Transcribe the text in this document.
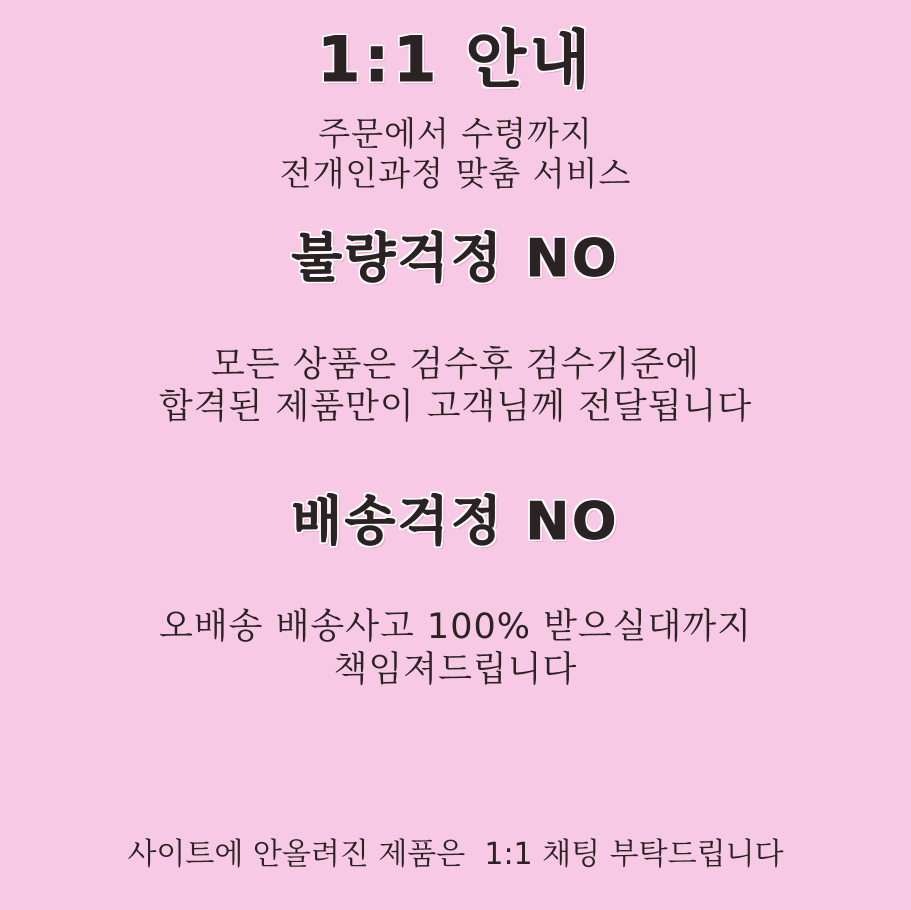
1:1 안내
주문에서 수령까지
전개인과정 맞춤 서비스
불량걱정 NO
모든 상품은 검수후 검수기준에
합격된 제품만이 고객님께 전달됩니다
배송걱정 NO
오배송 배송사고 100% 받으실대까지
책임져드립니다
사이트에 안올려진 제품은  1:1 채팅 부탁드립니다
